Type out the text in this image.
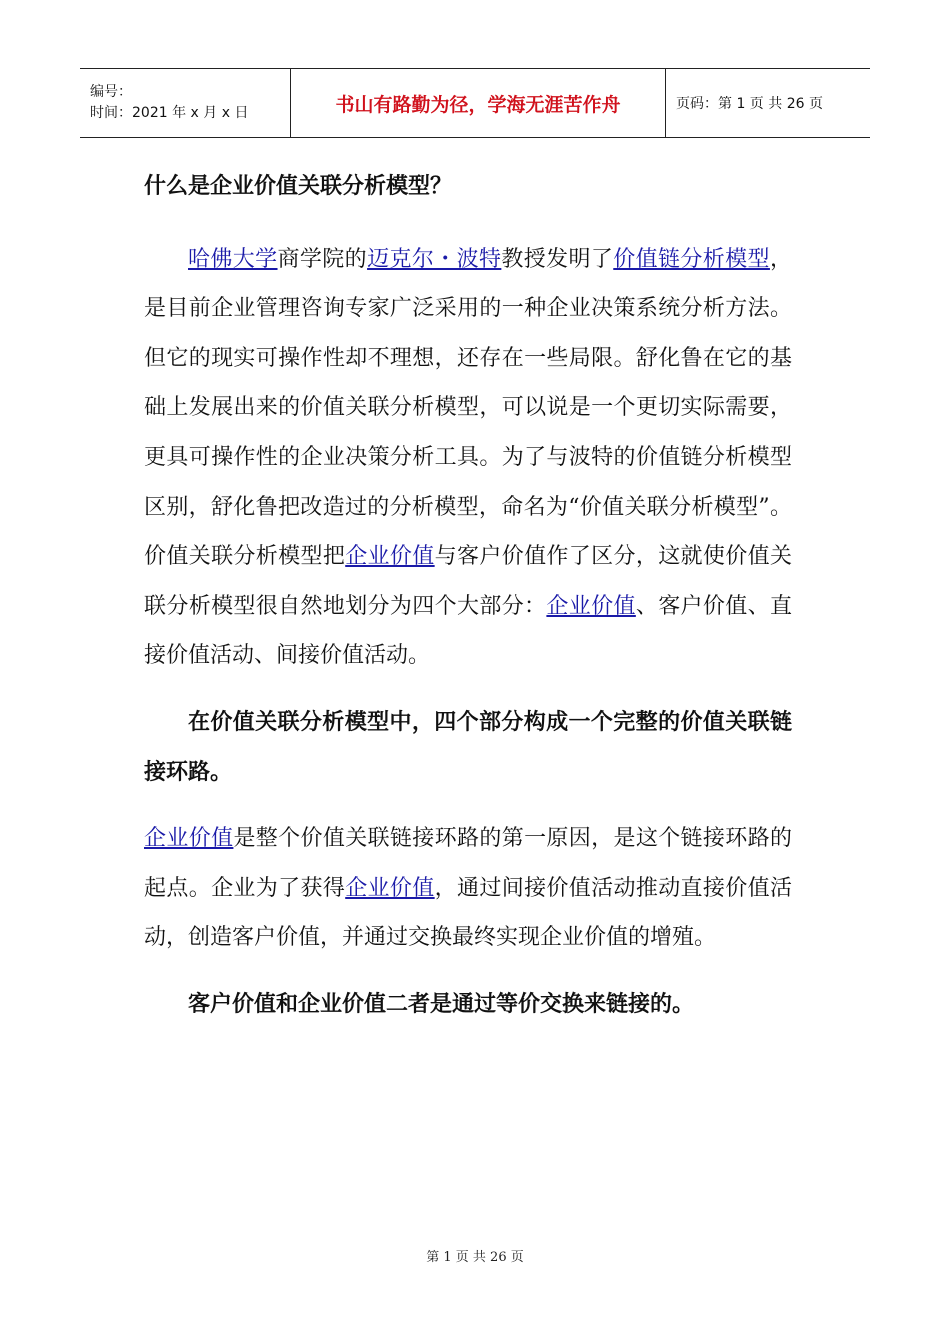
编号：
时间：2021 年 x 月 x 日	书山有路勤为径，学海无涯苦作舟	页码：第 1 页 共 26 页

什么是企业价值关联分析模型？

哈佛大学商学院的迈克尔・波特教授发明了价值链分析模型，是目前企业管理咨询专家广泛采用的一种企业决策系统分析方法。但它的现实可操作性却不理想，还存在一些局限。舒化鲁在它的基础上发展出来的价值关联分析模型，可以说是一个更切实际需要，更具可操作性的企业决策分析工具。为了与波特的价值链分析模型区别，舒化鲁把改造过的分析模型，命名为“价值关联分析模型”。价值关联分析模型把企业价值与客户价值作了区分，这就使价值关联分析模型很自然地划分为四个大部分：企业价值、客户价值、直接价值活动、间接价值活动。

在价值关联分析模型中，四个部分构成一个完整的价值关联链接环路。

企业价值是整个价值关联链接环路的第一原因，是这个链接环路的起点。企业为了获得企业价值，通过间接价值活动推动直接价值活动，创造客户价值，并通过交换最终实现企业价值的增殖。

客户价值和企业价值二者是通过等价交换来链接的。

第 1 页 共 26 页
